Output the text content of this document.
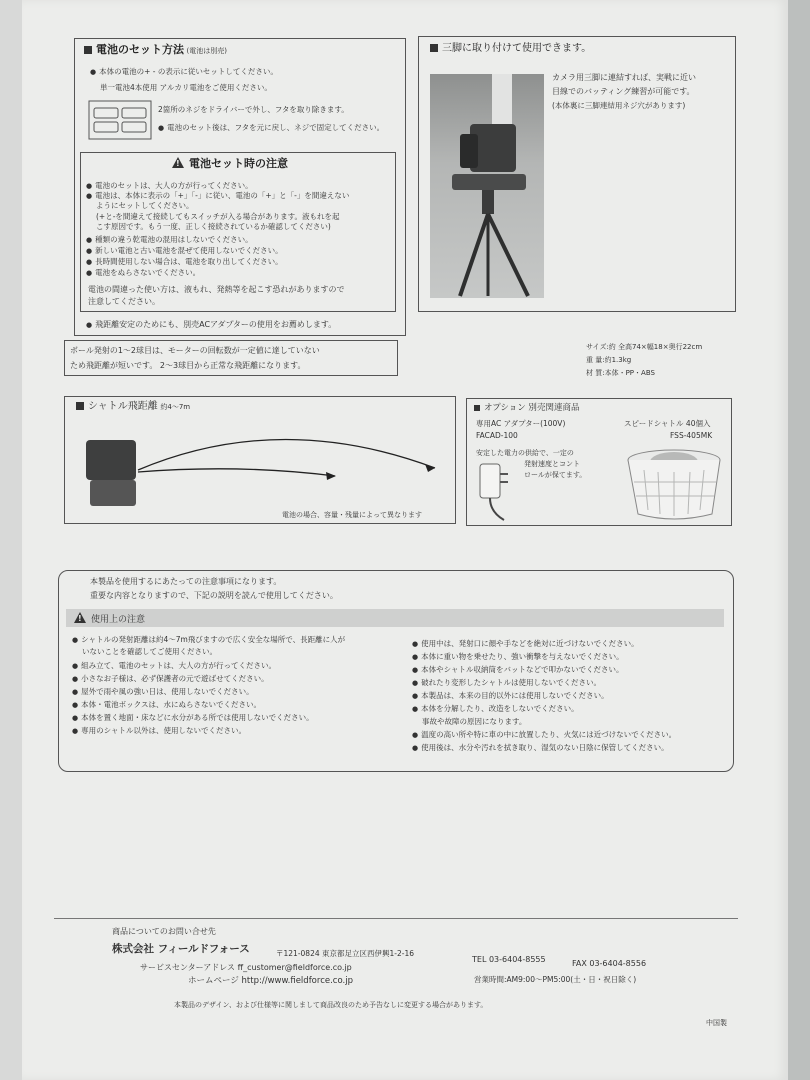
電池のセット方法 (電池は別売)
● 本体の電池の+ - の表示に従いセットしてください。
単一電池4本使用 アルカリ電池をご使用ください。
2箇所のネジをドライバーで外し、フタを取り除きます。
● 電池のセット後は、フタを元に戻し、ネジで固定してください。
!電池セット時の注意
● 電池のセットは、大人の方が行ってください。
● 電池は、本体に表示の「+」「-」に従い、電池の「+」と「-」を間違えない
ようにセットしてください。
(+と-を間違えて接続してもスイッチが入る場合があります。液もれを起
こす原因です。もう一度、正しく接続されているか確認してください)
● 種類の違う乾電池の混用はしないでください。
● 新しい電池と古い電池を混ぜて使用しないでください。
● 長時間使用しない場合は、電池を取り出してください。
● 電池をぬらさないでください。
電池の間違った使い方は、液もれ、発熱等を起こす恐れがありますので
注意してください。
● 飛距離安定のためにも、別売ACアダプターの使用をお薦めします。
ボール発射の1～2球目は、モーターの回転数が一定値に達していない
ため飛距離が短いです。 2～3球目から正常な飛距離になります。
三脚に取り付けて使用できます。
カメラ用三脚に連結すれば、実戦に近い
目線でのバッティング練習が可能です。
(本体裏に三脚連結用ネジ穴があります)
サイズ:約 全高74×幅18×奥行22cm
重 量:約1.3kg
材 質:本体・PP・ABS
シャトル飛距離 約4～7m
電池の場合、容量・残量によって異なります
オプション 別売関連商品
専用AC アダプター(100V)
FACAD-100
スピードシャトル 40個入
FSS-405MK
安定した電力の供給で、一定の
発射速度とコント
ロールが保てます。
本製品を使用するにあたっての注意事項になります。
重要な内容となりますので、下記の説明を読んで使用してください。
!使用上の注意
● シャトルの発射距離は約4～7m飛びますので広く安全な場所で、長距離に人が
いないことを確認してご使用ください。
● 組み立て、電池のセットは、大人の方が行ってください。
● 小さなお子様は、必ず保護者の元で遊ばせてください。
● 屋外で雨や風の強い日は、使用しないでください。
● 本体・電池ボックスは、水にぬらさないでください。
● 本体を置く地面・床などに水分がある所では使用しないでください。
● 専用のシャトル以外は、使用しないでください。
● 使用中は、発射口に顔や手などを絶対に近づけないでください。
● 本体に重い物を乗せたり、強い衝撃を与えないでください。
● 本体やシャトル収納筒をバットなどで叩かないでください。
● 破れたり変形したシャトルは使用しないでください。
● 本製品は、本来の目的以外には使用しないでください。
● 本体を分解したり、改造をしないでください。
事故や故障の原因になります。
● 温度の高い所や特に車の中に放置したり、火気には近づけないでください。
● 使用後は、水分や汚れを拭き取り、湿気のない日陰に保管してください。
商品についてのお問い合せ先
株式会社 フィールドフォース	〒121-0824 東京都足立区西伊興1-2-16
TEL 03-6404-8555	FAX 03-6404-8556
サービスセンターアドレス ff_customer@fieldforce.co.jp
営業時間:AM9:00～PM5:00(土・日・祝日除く)
ホームページ http://www.fieldforce.co.jp
本製品のデザイン、および仕様等に関しまして商品改良のため予告なしに変更する場合があります。
中国製
